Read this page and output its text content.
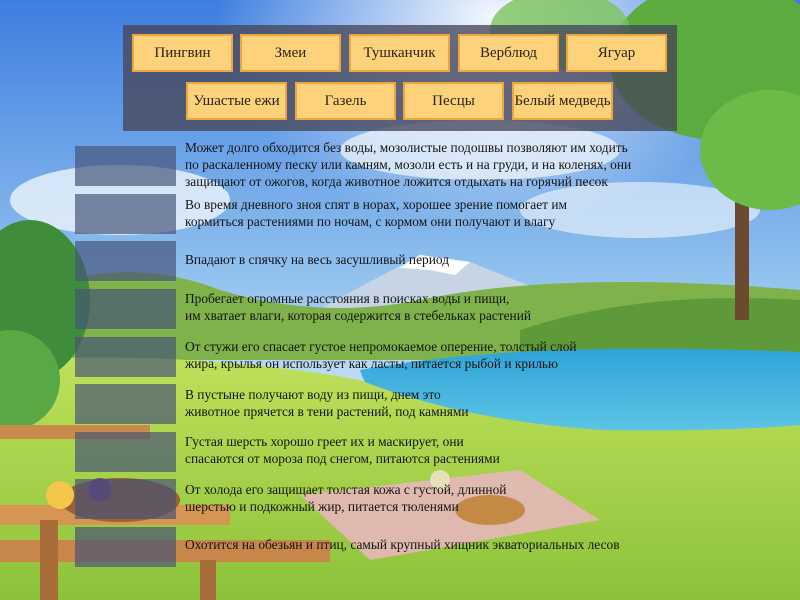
Пингвин	Змеи	Тушканчик	Верблюд	Ягуар
Ушастые ежи	Газель	Песцы	Белый медведь
Может долго обходится без воды, мозолистые подошвы позволяют им ходить
по раскаленному песку или камням, мозоли есть и на груди, и на коленях, они
защищают от ожогов, когда животное ложится отдыхать на горячий песок
Во время дневного зноя спят в норах, хорошее зрение помогает им
кормиться растениями по ночам, с кормом они получают и влагу
Впадают в спячку на весь засушливый период
Пробегает огромные расстояния в поисках воды и пищи,
им хватает влаги, которая содержится в стебельках растений
От стужи его спасает густое непромокаемое оперение, толстый слой
жира, крылья он использует как ласты, питается рыбой и крилью
В пустыне получают воду из пищи, днем это
животное прячется в тени растений, под камнями
Густая шерсть хорошо греет их и маскирует, они
спасаются от мороза под снегом, питаются растениями
От холода его защищает толстая кожа с густой, длинной
шерстью и подкожный жир, питается тюленями
Охотится на обезьян и птиц, самый крупный хищник экваториальных лесов
